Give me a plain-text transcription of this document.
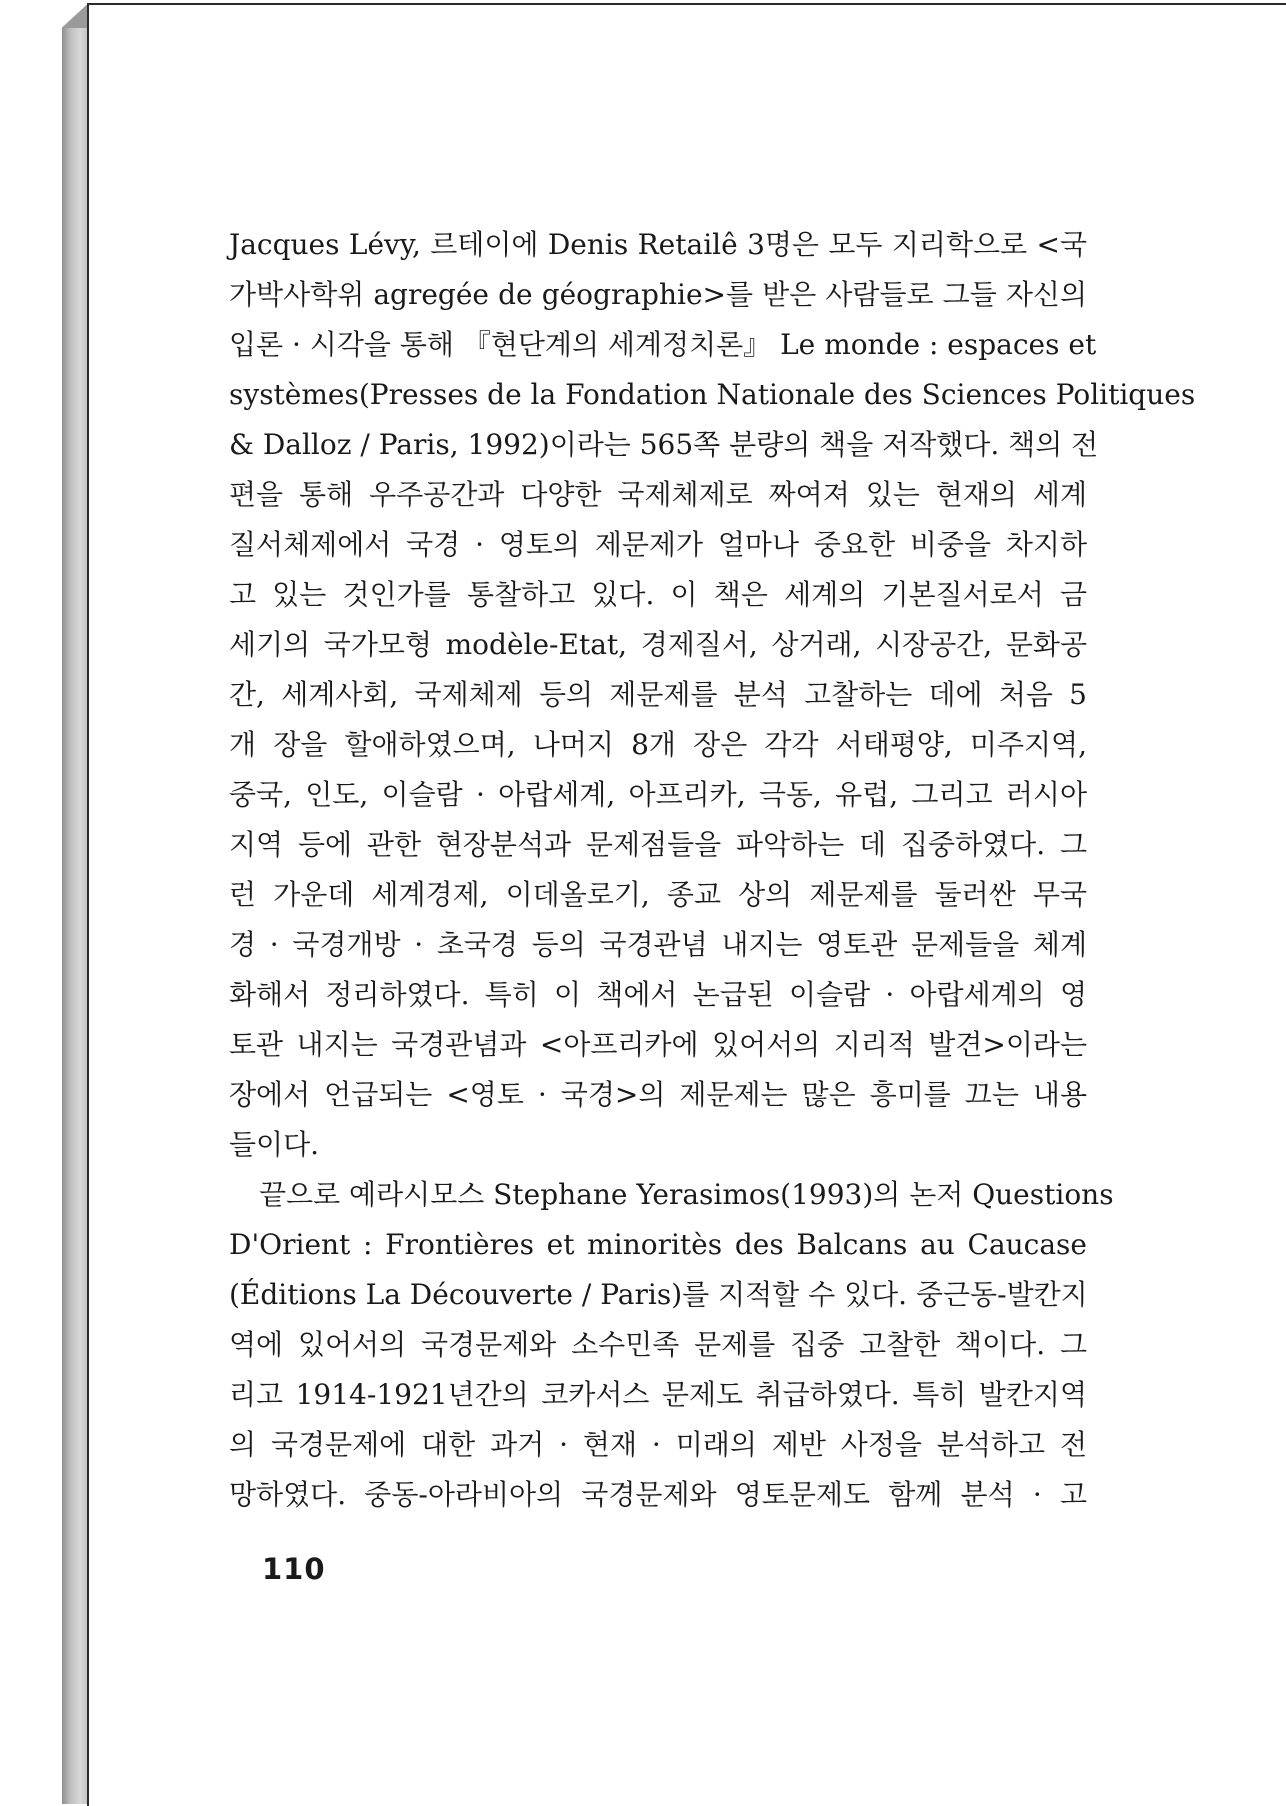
Jacques Lévy, 르테이에 Denis Retailê 3명은 모두 지리학으로 <국
가박사학위 agregée de géographie>를 받은 사람들로 그들 자신의
입론 · 시각을 통해 『현단계의 세계정치론』 Le monde : espaces et
systèmes(Presses de la Fondation Nationale des Sciences Politiques
& Dalloz / Paris, 1992)이라는 565쪽 분량의 책을 저작했다. 책의 전
편을 통해 우주공간과 다양한 국제체제로 짜여져 있는 현재의 세계
질서체제에서 국경 · 영토의 제문제가 얼마나 중요한 비중을 차지하
고 있는 것인가를 통찰하고 있다. 이 책은 세계의 기본질서로서 금
세기의 국가모형 modèle-Etat, 경제질서, 상거래, 시장공간, 문화공
간, 세계사회, 국제체제 등의 제문제를 분석 고찰하는 데에 처음 5
개 장을 할애하였으며, 나머지 8개 장은 각각 서태평양, 미주지역,
중국, 인도, 이슬람 · 아랍세계, 아프리카, 극동, 유럽, 그리고 러시아
지역 등에 관한 현장분석과 문제점들을 파악하는 데 집중하였다. 그
런 가운데 세계경제, 이데올로기, 종교 상의 제문제를 둘러싼 무국
경 · 국경개방 · 초국경 등의 국경관념 내지는 영토관 문제들을 체계
화해서 정리하였다. 특히 이 책에서 논급된 이슬람 · 아랍세계의 영
토관 내지는 국경관념과 <아프리카에 있어서의 지리적 발견>이라는
장에서 언급되는 <영토 · 국경>의 제문제는 많은 흥미를 끄는 내용
들이다.
끝으로 예라시모스 Stephane Yerasimos(1993)의 논저 Questions
D'Orient : Frontières et minoritès des Balcans au Caucase
(Éditions La Découverte / Paris)를 지적할 수 있다. 중근동-발칸지
역에 있어서의 국경문제와 소수민족 문제를 집중 고찰한 책이다. 그
리고 1914-1921년간의 코카서스 문제도 취급하였다. 특히 발칸지역
의 국경문제에 대한 과거 · 현재 · 미래의 제반 사정을 분석하고 전
망하였다. 중동-아라비아의 국경문제와 영토문제도 함께 분석 · 고
110
